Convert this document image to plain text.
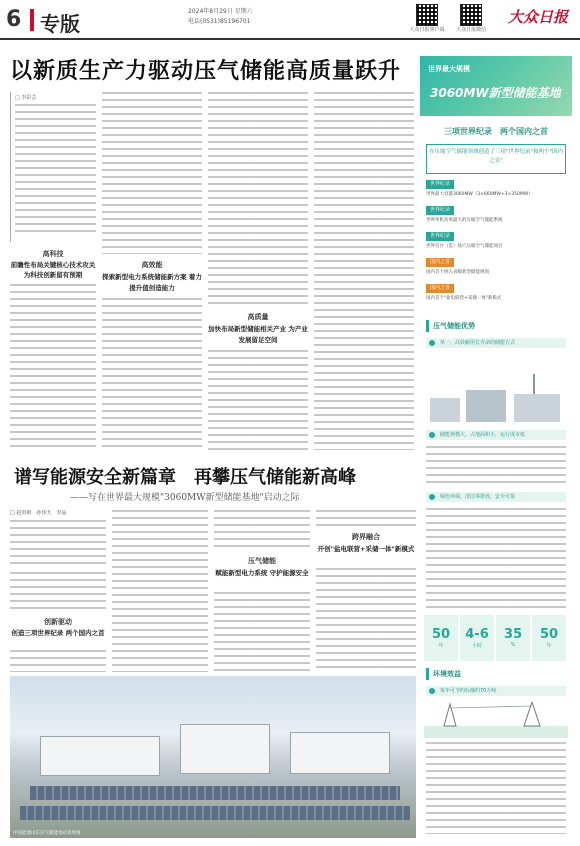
6 专版
2024年8月29日 星期六
电话(0531)85196701
大众日报客户端	大众日报微信
大众日报
以新质生产力驱动压气储能高质量跃升
□ 李彩芸
高科技
前瞻性布局关键核心技术攻关 为科技创新留有预期
高效能
探索新型电力系统储能新方案 着力提升值创造能力
高质量
加快布局新型储能相关产业 为产业发展留足空间
谱写能源安全新篇章　再攀压气储能新高峰
——写在世界最大规模"3060MW新型储能基地"启动之际
□ 赵贺娟　孙伟天　李晶
创新驱动
创造三项世界纪录 两个国内之首
压气储能
赋能新型电力系统 守护能源安全
跨界融合
开创"盐电联营+采储一体"新模式
中国能建山东压气储能电站效果图
世界最大规模
3060MW新型储能基地
三项世界纪录　两个国内之首
在压缩空气储能领域创造了三项"世界纪录"和两个"国内之首"
世界纪录
世界最大容量3060MW（3×660MW+3×350MW）
世界纪录
世界单机功率最大的压缩空气储能系统
世界纪录
世界首台（套）盐穴压缩空气储能项目
国内之首
国内首个纳入省级新型储能规划
国内之首
国内首个"盐电联营+采储一体"新模式
压气储能优势
单一、高效耐用长寿命的储能方式
储能规模大，占地面积小，运行成本低
绿色环保，清洁零排放，安全可靠
50
年
4-6
小时
35
%
50
年
环境效益
每年可节约标煤约70万吨
